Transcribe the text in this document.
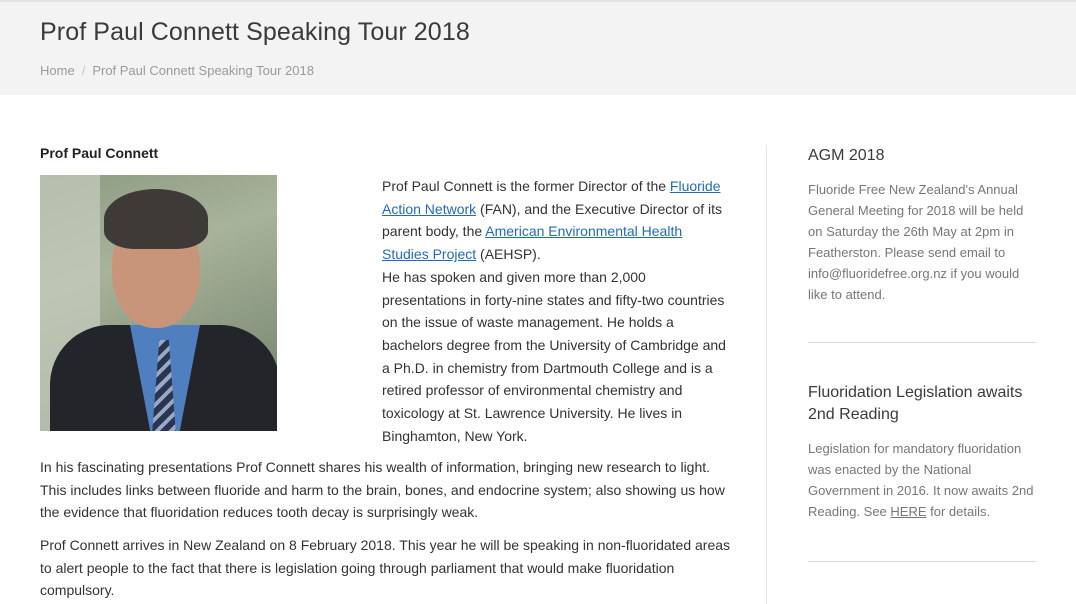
Prof Paul Connett Speaking Tour 2018
Home / Prof Paul Connett Speaking Tour 2018
Prof Paul Connett
Prof Paul Connett is the former Director of the Fluoride Action Network (FAN), and the Executive Director of its parent body, the American Environmental Health Studies Project (AEHSP).
He has spoken and given more than 2,000 presentations in forty-nine states and fifty-two countries on the issue of waste management. He holds a bachelors degree from the University of Cambridge and a Ph.D. in chemistry from Dartmouth College and is a retired professor of environmental chemistry and toxicology at St. Lawrence University. He lives in Binghamton, New York.

In his fascinating presentations Prof Connett shares his wealth of information, bringing new research to light. This includes links between fluoride and harm to the brain, bones, and endocrine system; also showing us how the evidence that fluoridation reduces tooth decay is surprisingly weak.

Prof Connett arrives in New Zealand on 8 February 2018. This year he will be speaking in non-fluoridated areas to alert people to the fact that there is legislation going through parliament that would make fluoridation compulsory.

AGM 2018
Fluoride Free New Zealand's Annual General Meeting for 2018 will be held on Saturday the 26th May at 2pm in Featherston. Please send email to info@fluoridefree.org.nz if you would like to attend.
Fluoridation Legislation awaits 2nd Reading
Legislation for mandatory fluoridation was enacted by the National Government in 2016. It now awaits 2nd Reading. See HERE for details.
